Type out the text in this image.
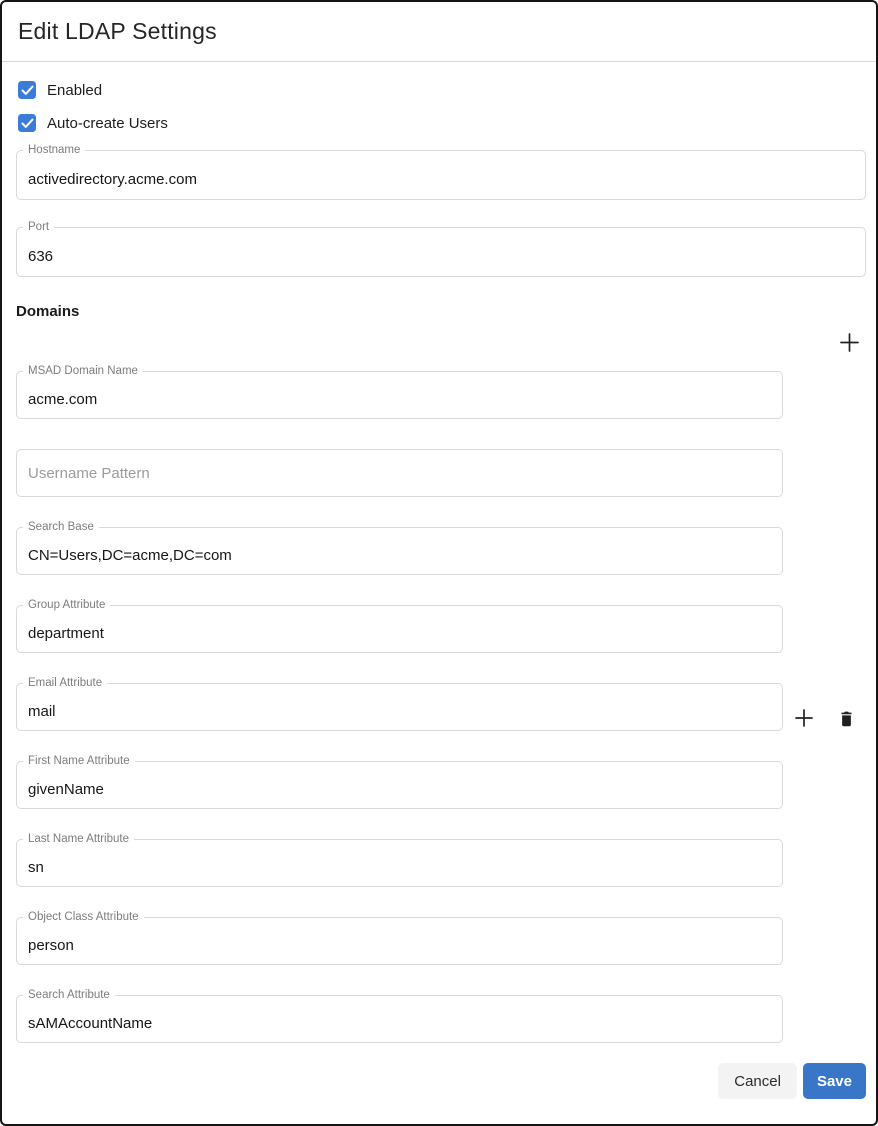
Edit LDAP Settings
Enabled
Auto-create Users
Hostname
activedirectory.acme.com
Port
636
Domains
MSAD Domain Name
acme.com
Username Pattern
Search Base
CN=Users,DC=acme,DC=com
Group Attribute
department
Email Attribute
mail
First Name Attribute
givenName
Last Name Attribute
sn
Object Class Attribute
person
Search Attribute
sAMAccountName
Cancel	Save
